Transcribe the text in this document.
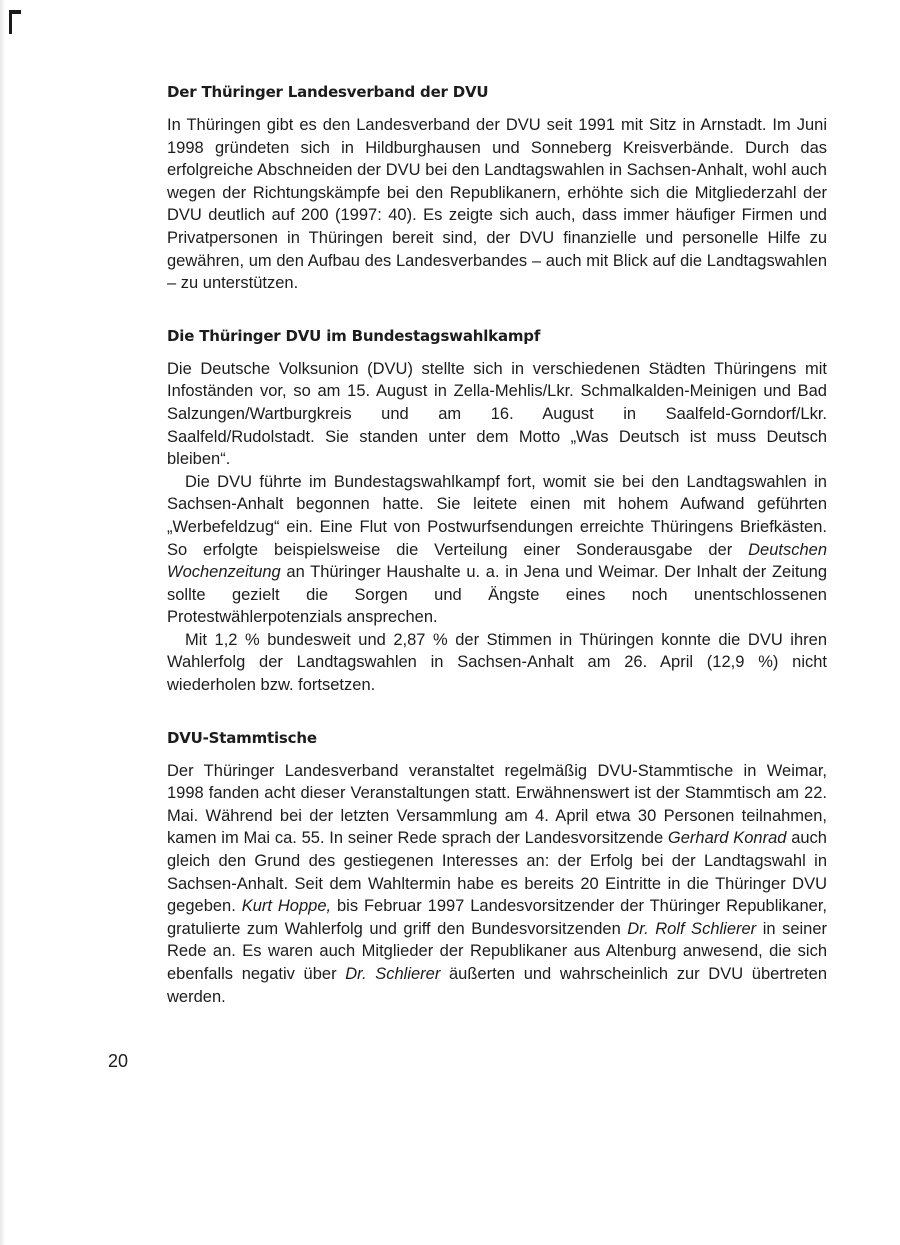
Der Thüringer Landesverband der DVU

In Thüringen gibt es den Landesverband der DVU seit 1991 mit Sitz in Arnstadt. Im Juni 1998 gründeten sich in Hildburghausen und Sonneberg Kreisverbände. Durch das erfolgreiche Abschneiden der DVU bei den Landtagswahlen in Sachsen-Anhalt, wohl auch wegen der Richtungskämpfe bei den Republikanern, erhöhte sich die Mitgliederzahl der DVU deutlich auf 200 (1997: 40). Es zeigte sich auch, dass immer häufiger Firmen und Privatpersonen in Thüringen bereit sind, der DVU finanzielle und personelle Hilfe zu gewähren, um den Aufbau des Landesverbandes – auch mit Blick auf die Landtagswahlen – zu unterstützen.

Die Thüringer DVU im Bundestagswahlkampf

Die Deutsche Volksunion (DVU) stellte sich in verschiedenen Städten Thüringens mit Infoständen vor, so am 15. August in Zella-Mehlis/Lkr. Schmalkalden-Meinigen und Bad Salzungen/Wartburgkreis und am 16. August in Saalfeld-Gorndorf/Lkr. Saalfeld/Rudolstadt. Sie standen unter dem Motto „Was Deutsch ist muss Deutsch bleiben“.

Die DVU führte im Bundestagswahlkampf fort, womit sie bei den Landtagswahlen in Sachsen-Anhalt begonnen hatte. Sie leitete einen mit hohem Aufwand geführten „Werbefeldzug“ ein. Eine Flut von Postwurfsendungen erreichte Thüringens Briefkästen. So erfolgte beispielsweise die Verteilung einer Sonderausgabe der Deutschen Wochenzeitung an Thüringer Haushalte u. a. in Jena und Weimar. Der Inhalt der Zeitung sollte gezielt die Sorgen und Ängste eines noch unentschlossenen Protestwählerpotenzials ansprechen.

Mit 1,2 % bundesweit und 2,87 % der Stimmen in Thüringen konnte die DVU ihren Wahlerfolg der Landtagswahlen in Sachsen-Anhalt am 26. April (12,9 %) nicht wiederholen bzw. fortsetzen.

DVU-Stammtische

Der Thüringer Landesverband veranstaltet regelmäßig DVU-Stammtische in Weimar, 1998 fanden acht dieser Veranstaltungen statt. Erwähnenswert ist der Stammtisch am 22. Mai. Während bei der letzten Versammlung am 4. April etwa 30 Personen teilnahmen, kamen im Mai ca. 55. In seiner Rede sprach der Landesvorsitzende Gerhard Konrad auch gleich den Grund des gestiegenen Interesses an: der Erfolg bei der Landtagswahl in Sachsen-Anhalt. Seit dem Wahltermin habe es bereits 20 Eintritte in die Thüringer DVU gegeben. Kurt Hoppe, bis Februar 1997 Landesvorsitzender der Thüringer Republikaner, gratulierte zum Wahlerfolg und griff den Bundesvorsitzenden Dr. Rolf Schlierer in seiner Rede an. Es waren auch Mitglieder der Republikaner aus Altenburg anwesend, die sich ebenfalls negativ über Dr. Schlierer äußerten und wahrscheinlich zur DVU übertreten werden.

20
